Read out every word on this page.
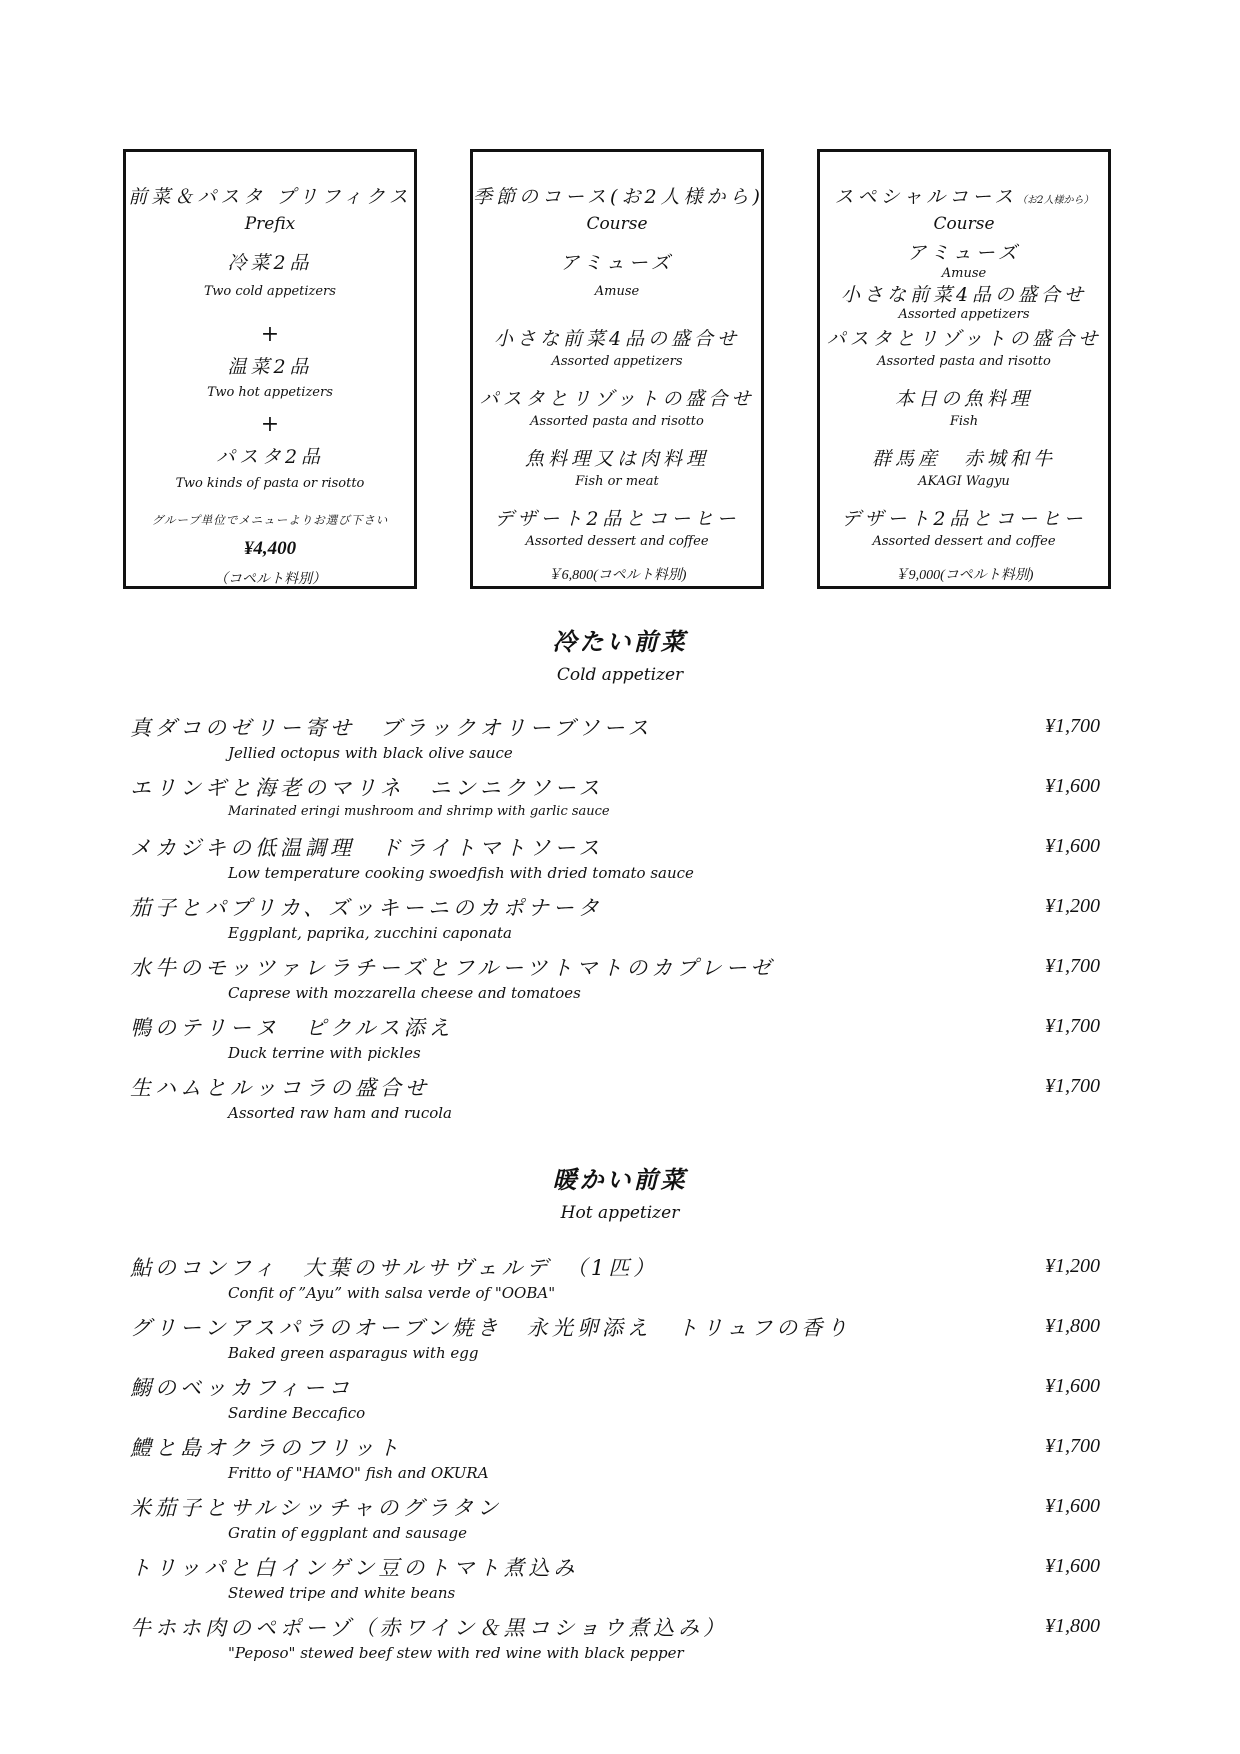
前菜＆パスタ プリフィクス
Prefix
冷菜2品
Two cold appetizers
+
温菜2品
Two hot appetizers
+
パスタ2品
Two kinds of pasta or risotto
グループ単位でメニューよりお選び下さい
¥4,400
（コペルト料別）
季節のコース(お2人様から)
Course
アミューズ
Amuse
小さな前菜4品の盛合せ
Assorted appetizers
パスタとリゾットの盛合せ
Assorted pasta and risotto
魚料理又は肉料理
Fish or meat
デザート2品とコーヒー
Assorted dessert and coffee
￥6,800(コペルト料別)
スペシャルコース（お2人様から）
Course
アミューズ
Amuse
小さな前菜4品の盛合せ
Assorted appetizers
パスタとリゾットの盛合せ
Assorted pasta and risotto
本日の魚料理
Fish
群馬産　赤城和牛
AKAGI Wagyu
デザート2品とコーヒー
Assorted dessert and coffee
￥9,000(コペルト料別)
冷たい前菜
Cold appetizer
真ダコのゼリー寄せ　ブラックオリーブソース
Jellied octopus with black olive sauce
¥1,700
エリンギと海老のマリネ　ニンニクソース
Marinated eringi mushroom and shrimp with garlic sauce
¥1,600
メカジキの低温調理　ドライトマトソース
Low temperature cooking swoedfish with dried tomato sauce
¥1,600
茄子とパプリカ、ズッキーニのカポナータ
Eggplant, paprika, zucchini caponata
¥1,200
水牛のモッツァレラチーズとフルーツトマトのカプレーゼ
Caprese with mozzarella cheese and tomatoes
¥1,700
鴨のテリーヌ　ピクルス添え
Duck terrine with pickles
¥1,700
生ハムとルッコラの盛合せ
Assorted raw ham and rucola
¥1,700
暖かい前菜
Hot appetizer
鮎のコンフィ　大葉のサルサヴェルデ　（1匹）
Confit of ”Ayu” with salsa verde of "OOBA"
¥1,200
グリーンアスパラのオーブン焼き　永光卵添え　トリュフの香り
Baked green asparagus with egg
¥1,800
鰯のベッカフィーコ
Sardine Beccafico
¥1,600
鱧と島オクラのフリット
Fritto of "HAMO" fish and OKURA
¥1,700
米茄子とサルシッチャのグラタン
Gratin of eggplant and sausage
¥1,600
トリッパと白インゲン豆のトマト煮込み
Stewed tripe and white beans
¥1,600
牛ホホ肉のペポーゾ（赤ワイン＆黒コショウ煮込み）
"Peposo" stewed beef stew with red wine with black pepper
¥1,800
